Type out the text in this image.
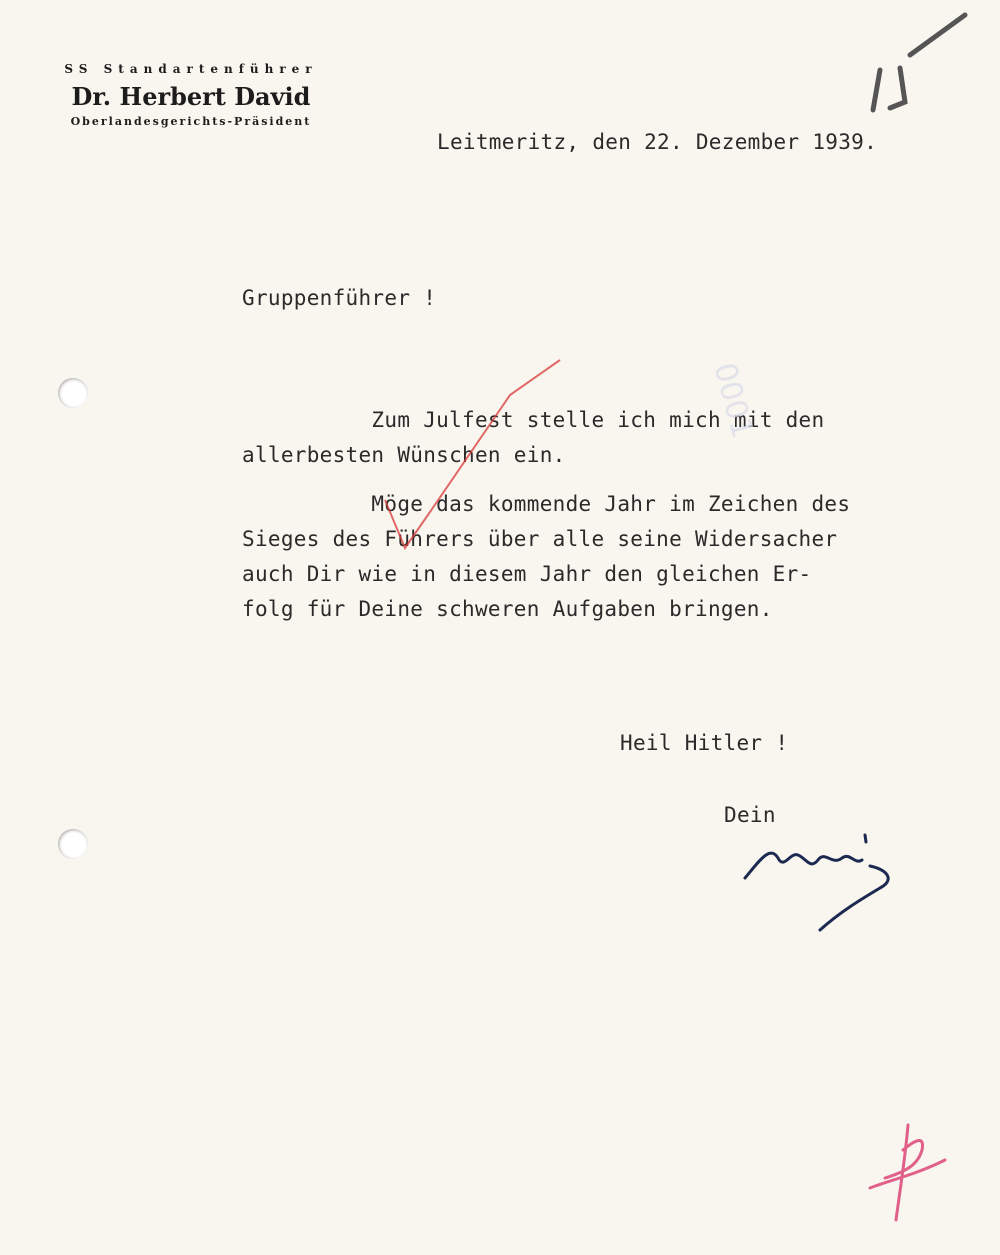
SS Standartenführer
Dr. Herbert David
Oberlandesgerichts-Präsident
Leitmeritz, den 22. Dezember 1939.
Gruppenführer !
Zum Julfest stelle ich mich mit den
allerbesten Wünschen ein.
Möge das kommende Jahr im Zeichen des
Sieges des Führers über alle seine Widersacher
auch Dir wie in diesem Jahr den gleichen Er-
folg für Deine schweren Aufgaben bringen.
Heil Hitler !
Dein
0001
